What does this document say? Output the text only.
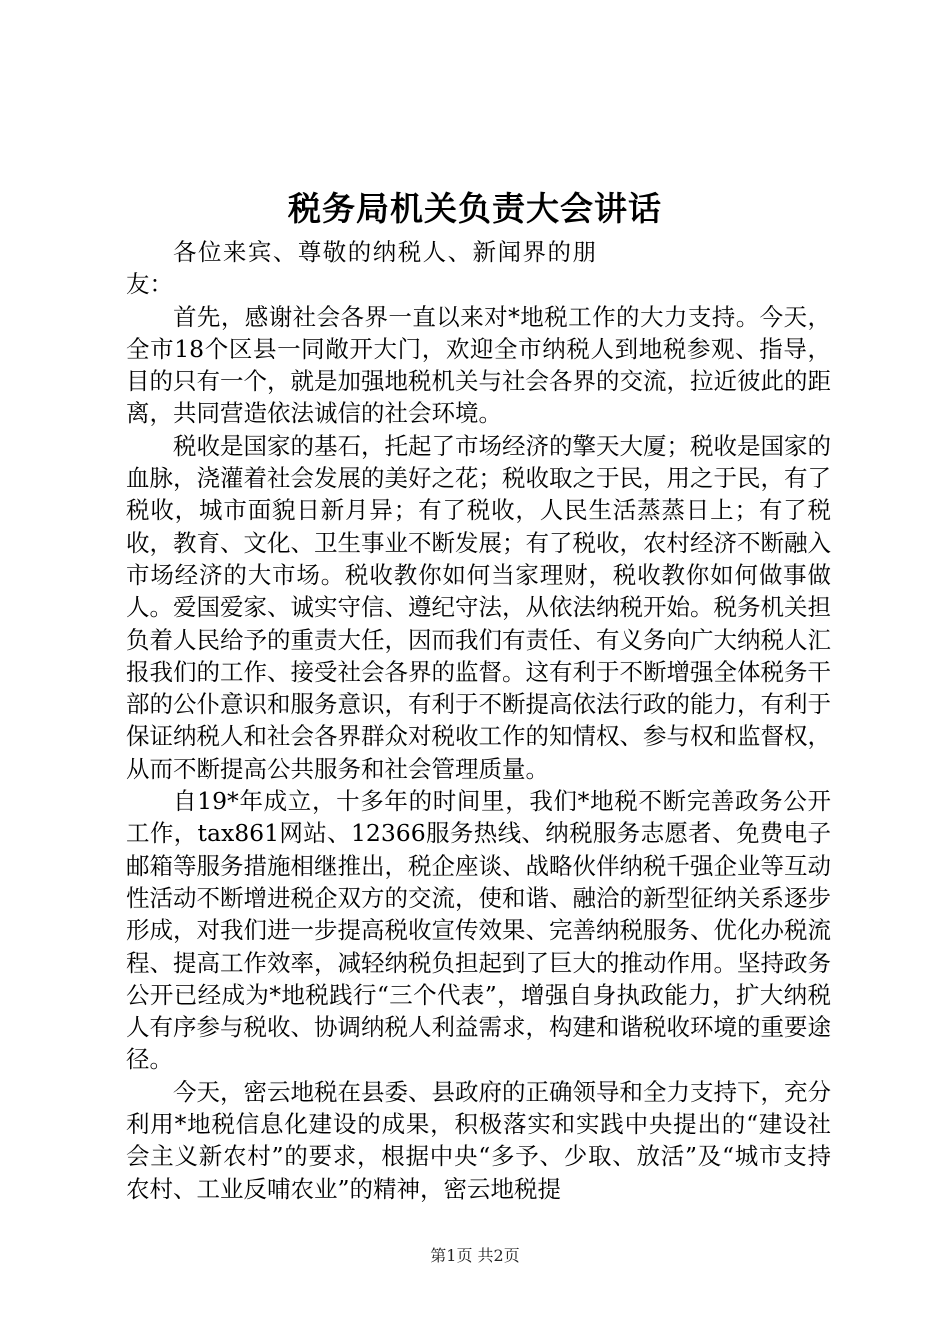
税务局机关负责大会讲话

各位来宾、尊敬的纳税人、新闻界的朋友：

首先，感谢社会各界一直以来对*地税工作的大力支持。今天，全市18个区县一同敞开大门，欢迎全市纳税人到地税参观、指导，目的只有一个，就是加强地税机关与社会各界的交流，拉近彼此的距离，共同营造依法诚信的社会环境。

税收是国家的基石，托起了市场经济的擎天大厦；税收是国家的血脉，浇灌着社会发展的美好之花；税收取之于民，用之于民，有了税收，城市面貌日新月异；有了税收，人民生活蒸蒸日上；有了税收，教育、文化、卫生事业不断发展；有了税收，农村经济不断融入市场经济的大市场。税收教你如何当家理财，税收教你如何做事做人。爱国爱家、诚实守信、遵纪守法，从依法纳税开始。税务机关担负着人民给予的重责大任，因而我们有责任、有义务向广大纳税人汇报我们的工作、接受社会各界的监督。这有利于不断增强全体税务干部的公仆意识和服务意识，有利于不断提高依法行政的能力，有利于保证纳税人和社会各界群众对税收工作的知情权、参与权和监督权，从而不断提高公共服务和社会管理质量。

自19*年成立，十多年的时间里，我们*地税不断完善政务公开工作，tax861网站、12366服务热线、纳税服务志愿者、免费电子邮箱等服务措施相继推出，税企座谈、战略伙伴纳税千强企业等互动性活动不断增进税企双方的交流，使和谐、融洽的新型征纳关系逐步形成，对我们进一步提高税收宣传效果、完善纳税服务、优化办税流程、提高工作效率，减轻纳税负担起到了巨大的推动作用。坚持政务公开已经成为*地税践行“三个代表”，增强自身执政能力，扩大纳税人有序参与税收、协调纳税人利益需求，构建和谐税收环境的重要途径。

今天，密云地税在县委、县政府的正确领导和全力支持下，充分利用*地税信息化建设的成果，积极落实和实践中央提出的“建设社会主义新农村”的要求，根据中央“多予、少取、放活”及“城市支持农村、工业反哺农业”的精神，密云地税提

第1页 共2页
